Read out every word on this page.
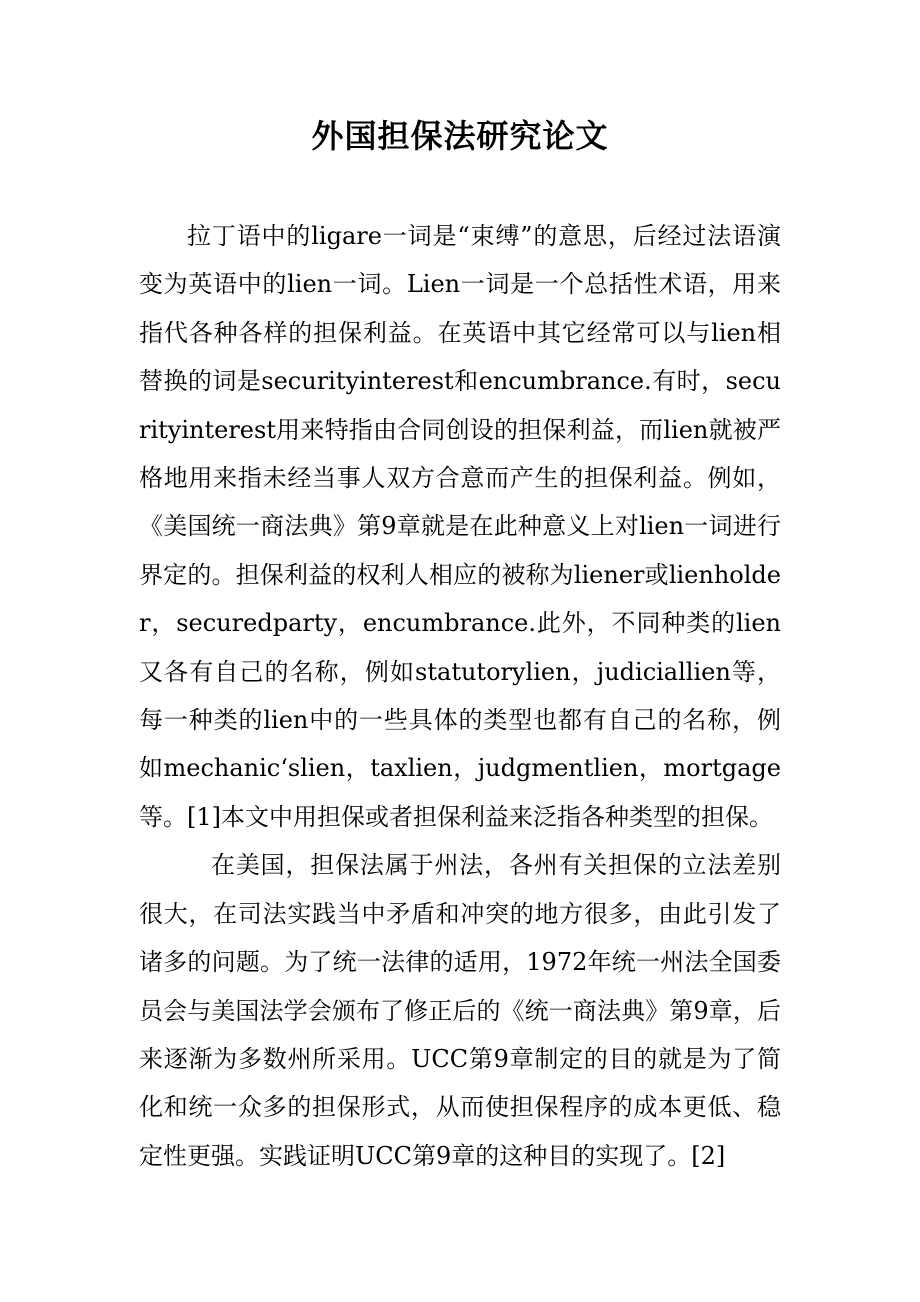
外国担保法研究论文

拉丁语中的ligare一词是“束缚”的意思，后经过法语演变为英语中的lien一词。Lien一词是一个总括性术语，用来指代各种各样的担保利益。在英语中其它经常可以与lien相替换的词是securityinterest和encumbrance.有时，securityinterest用来特指由合同创设的担保利益，而lien就被严格地用来指未经当事人双方合意而产生的担保利益。例如，《美国统一商法典》第9章就是在此种意义上对lien一词进行界定的。担保利益的权利人相应的被称为liener或lienholder，securedparty，encumbrance.此外，不同种类的lien又各有自己的名称，例如statutorylien，judiciallien等，每一种类的lien中的一些具体的类型也都有自己的名称，例如mechanic‘slien，taxlien，judgmentlien，mortgage等。[1]本文中用担保或者担保利益来泛指各种类型的担保。

在美国，担保法属于州法，各州有关担保的立法差别很大，在司法实践当中矛盾和冲突的地方很多，由此引发了诸多的问题。为了统一法律的适用，1972年统一州法全国委员会与美国法学会颁布了修正后的《统一商法典》第9章，后来逐渐为多数州所采用。UCC第9章制定的目的就是为了简化和统一众多的担保形式，从而使担保程序的成本更低、稳定性更强。实践证明UCC第9章的这种目的实现了。[2]
